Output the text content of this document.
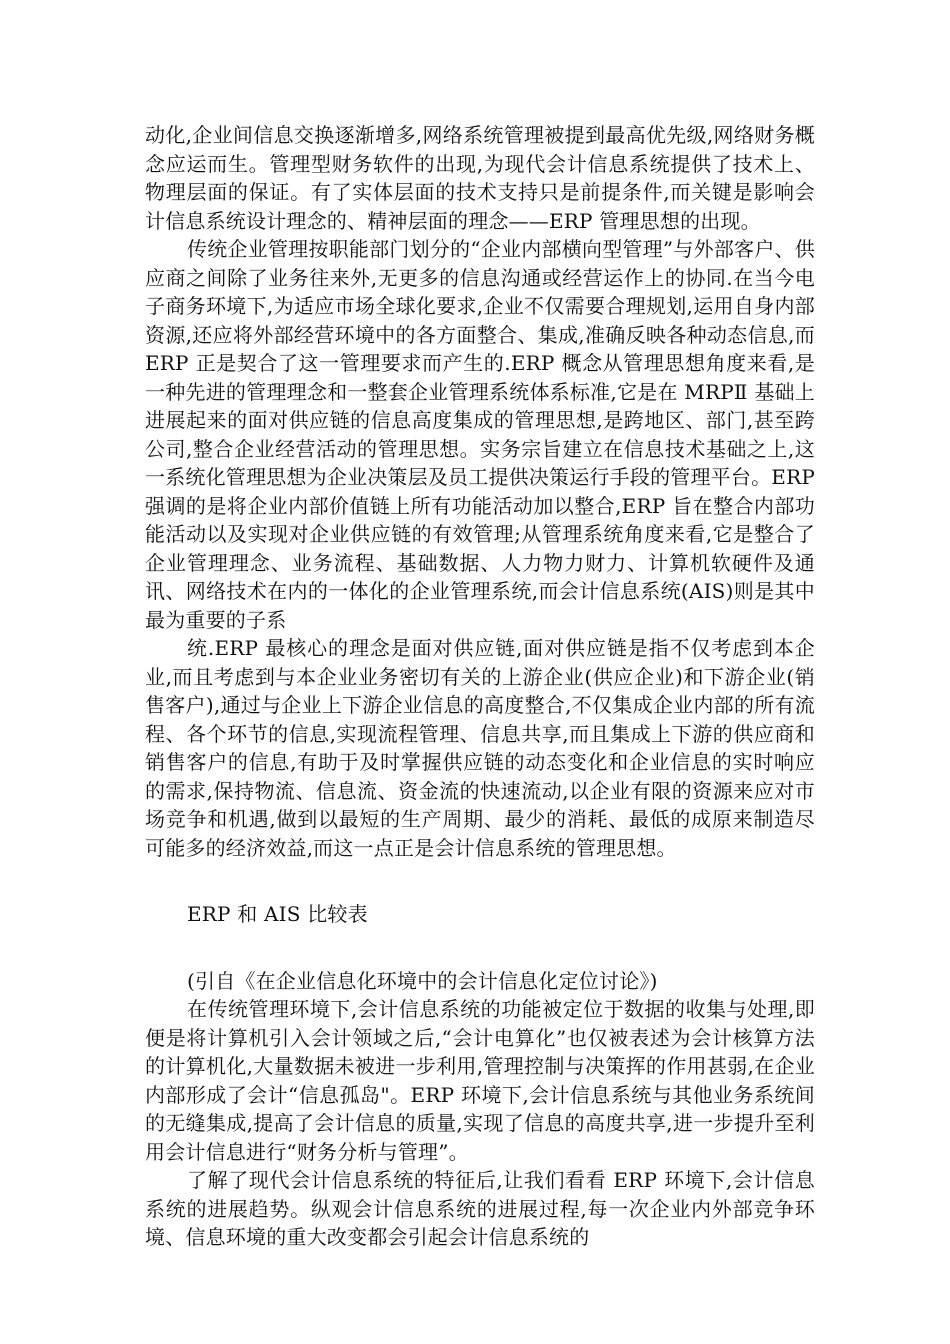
动化,企业间信息交换逐渐增多,网络系统管理被提到最高优先级,网络财务概念应运而生。管理型财务软件的出现,为现代会计信息系统提供了技术上、物理层面的保证。有了实体层面的技术支持只是前提条件,而关键是影响会计信息系统设计理念的、精神层面的理念——ERP 管理思想的出现。

传统企业管理按职能部门划分的“企业内部横向型管理”与外部客户、供应商之间除了业务往来外,无更多的信息沟通或经营运作上的协同.在当今电子商务环境下,为适应市场全球化要求,企业不仅需要合理规划,运用自身内部资源,还应将外部经营环境中的各方面整合、集成,准确反映各种动态信息,而 ERP 正是契合了这一管理要求而产生的.ERP 概念从管理思想角度来看,是一种先进的管理理念和一整套企业管理系统体系标准,它是在 MRPⅡ 基础上进展起来的面对供应链的信息高度集成的管理思想,是跨地区、部门,甚至跨公司,整合企业经营活动的管理思想。实务宗旨建立在信息技术基础之上,这一系统化管理思想为企业决策层及员工提供决策运行手段的管理平台。ERP 强调的是将企业内部价值链上所有功能活动加以整合,ERP 旨在整合内部功能活动以及实现对企业供应链的有效管理;从管理系统角度来看,它是整合了企业管理理念、业务流程、基础数据、人力物力财力、计算机软硬件及通讯、网络技术在内的一体化的企业管理系统,而会计信息系统(AIS)则是其中最为重要的子系

统.ERP 最核心的理念是面对供应链,面对供应链是指不仅考虑到本企业,而且考虑到与本企业业务密切有关的上游企业(供应企业)和下游企业(销售客户),通过与企业上下游企业信息的高度整合,不仅集成企业内部的所有流程、各个环节的信息,实现流程管理、信息共享,而且集成上下游的供应商和销售客户的信息,有助于及时掌握供应链的动态变化和企业信息的实时响应的需求,保持物流、信息流、资金流的快速流动,以企业有限的资源来应对市场竞争和机遇,做到以最短的生产周期、最少的消耗、最低的成原来制造尽可能多的经济效益,而这一点正是会计信息系统的管理思想。

ERP 和 AIS 比较表

(引自《在企业信息化环境中的会计信息化定位讨论》)

在传统管理环境下,会计信息系统的功能被定位于数据的收集与处理,即便是将计算机引入会计领域之后,“会计电算化”也仅被表述为会计核算方法的计算机化,大量数据未被进一步利用,管理控制与决策挥的作用甚弱,在企业内部形成了会计“信息孤岛"。ERP 环境下,会计信息系统与其他业务系统间的无缝集成,提高了会计信息的质量,实现了信息的高度共享,进一步提升至利用会计信息进行“财务分析与管理”。

了解了现代会计信息系统的特征后,让我们看看 ERP 环境下,会计信息系统的进展趋势。纵观会计信息系统的进展过程,每一次企业内外部竞争环境、信息环境的重大改变都会引起会计信息系统的
